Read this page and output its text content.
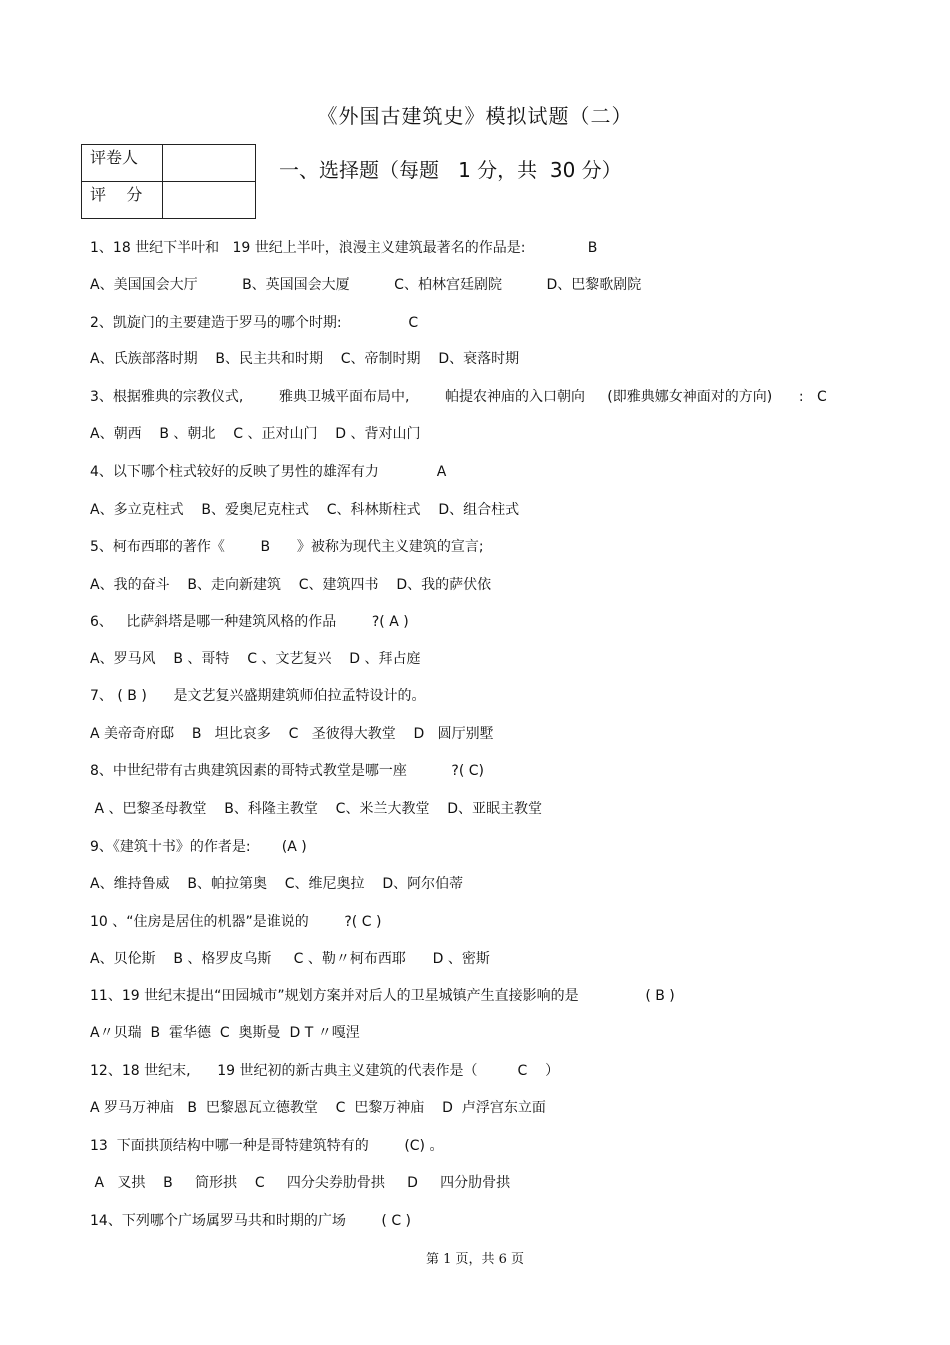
《外国古建筑史》模拟试题（二）
评卷人	
评    分	
一、选择题（每题   1 分，共  30 分）
1、18 世纪下半叶和   19 世纪上半叶，浪漫主义建筑最著名的作品是:              B
A、美国国会大厅          B、英国国会大厦          C、柏林宫廷剧院          D、巴黎歌剧院
2、凯旋门的主要建造于罗马的哪个时期:               C
A、氏族部落时期    B、民主共和时期    C、帝制时期    D、衰落时期
3、根据雅典的宗教仪式,        雅典卫城平面布局中,        帕提农神庙的入口朝向     (即雅典娜女神面对的方向)      :   C
A、朝西    B 、朝北    C 、正对山门    D 、背对山门
4、以下哪个柱式较好的反映了男性的雄浑有力             A
A、多立克柱式    B、爱奥尼克柱式    C、科林斯柱式    D、组合柱式
5、柯布西耶的著作《        B      》被称为现代主义建筑的宣言;
A、我的奋斗    B、走向新建筑    C、建筑四书    D、我的萨伏依
6、   比萨斜塔是哪一种建筑风格的作品        ?( A )
A、罗马风    B 、哥特    C 、文艺复兴    D 、拜占庭
7、 ( B )      是文艺复兴盛期建筑师伯拉孟特设计的。
A 美帝奇府邸    B   坦比哀多    C   圣彼得大教堂    D   圆厅别墅
8、中世纪带有古典建筑因素的哥特式教堂是哪一座          ?( C)
A 、巴黎圣母教堂    B、科隆主教堂    C、米兰大教堂    D、亚眠主教堂
9、《建筑十书》的作者是:       (A )
A、维持鲁威    B、帕拉第奥    C、维尼奥拉    D、阿尔伯蒂
10 、“住房是居住的机器”是谁说的        ?( C )
A、贝伦斯    B 、格罗皮乌斯     C 、勒〃柯布西耶      D 、密斯
11、19 世纪末提出“田园城市”规划方案并对后人的卫星城镇产生直接影响的是               ( B )
A〃贝瑞  B  霍华德  C  奥斯曼  D T 〃嘎涅
12、18 世纪末,      19 世纪初的新古典主义建筑的代表作是（         C    ）
A 罗马万神庙   B  巴黎恩瓦立德教堂    C  巴黎万神庙    D  卢浮宫东立面
13  下面拱顶结构中哪一种是哥特建筑特有的        (C) 。
A   叉拱    B     筒形拱    C     四分尖券肋骨拱     D     四分肋骨拱
14、下列哪个广场属罗马共和时期的广场        ( C )
第 1 页，共 6 页
